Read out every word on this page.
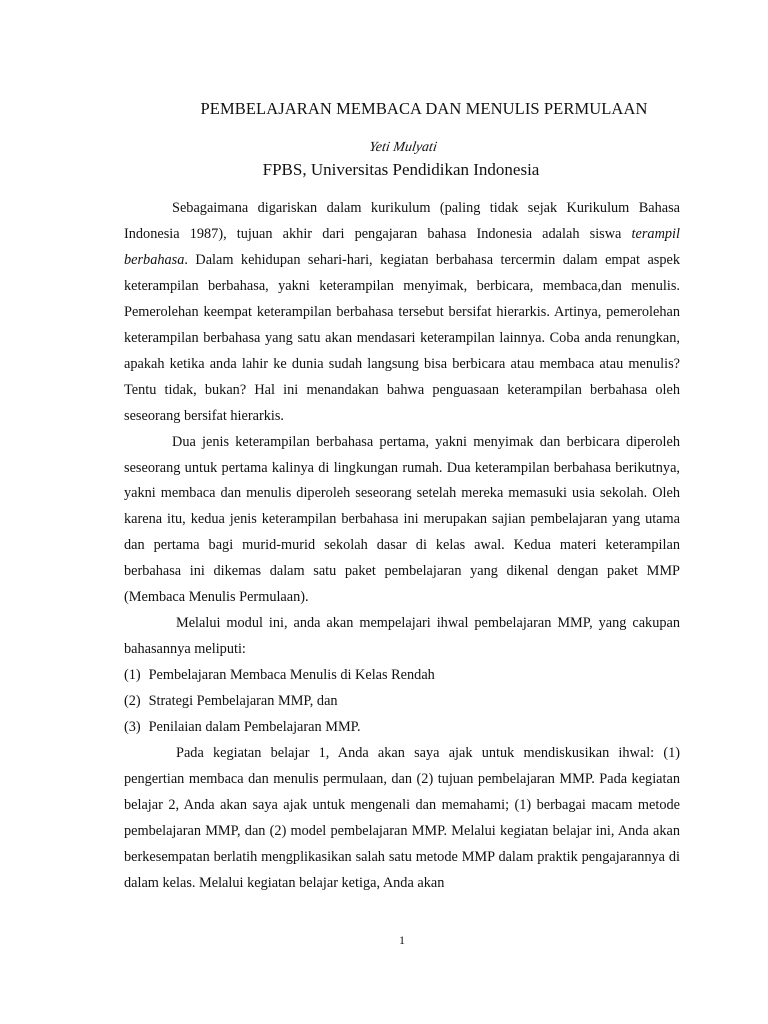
PEMBELAJARAN MEMBACA DAN MENULIS PERMULAAN
Yeti Mulyati
FPBS, Universitas Pendidikan Indonesia

Sebagaimana digariskan dalam kurikulum (paling tidak sejak Kurikulum Bahasa Indonesia 1987), tujuan akhir dari pengajaran bahasa Indonesia adalah siswa terampil berbahasa. Dalam kehidupan sehari-hari, kegiatan berbahasa tercermin dalam empat aspek keterampilan berbahasa, yakni keterampilan menyimak, berbicara, membaca,dan menulis. Pemerolehan keempat keterampilan berbahasa tersebut bersifat hierarkis. Artinya, pemerolehan keterampilan berbahasa yang satu akan mendasari keterampilan lainnya. Coba anda renungkan, apakah ketika anda lahir ke dunia sudah langsung bisa berbicara atau membaca atau menulis? Tentu tidak, bukan? Hal ini menandakan bahwa penguasaan keterampilan berbahasa oleh seseorang bersifat hierarkis.

Dua jenis keterampilan berbahasa pertama, yakni menyimak dan berbicara diperoleh seseorang untuk pertama kalinya di lingkungan rumah. Dua keterampilan berbahasa berikutnya, yakni membaca dan menulis diperoleh seseorang setelah mereka memasuki usia sekolah. Oleh karena itu, kedua jenis keterampilan berbahasa ini merupakan sajian pembelajaran yang utama dan pertama bagi murid-murid sekolah dasar di kelas awal. Kedua materi keterampilan berbahasa ini dikemas dalam satu paket pembelajaran yang dikenal dengan paket MMP (Membaca Menulis Permulaan).

Melalui modul ini, anda akan mempelajari ihwal pembelajaran MMP, yang cakupan bahasannya meliputi:

(1) Pembelajaran Membaca Menulis di Kelas Rendah

(2) Strategi Pembelajaran MMP, dan

(3) Penilaian dalam Pembelajaran MMP.

Pada kegiatan belajar 1, Anda akan saya ajak untuk mendiskusikan ihwal: (1) pengertian membaca dan menulis permulaan, dan (2) tujuan pembelajaran MMP. Pada kegiatan belajar 2, Anda akan saya ajak untuk mengenali dan memahami; (1) berbagai macam metode pembelajaran MMP, dan (2) model pembelajaran MMP. Melalui kegiatan belajar ini, Anda akan berkesempatan berlatih mengplikasikan salah satu metode MMP dalam praktik pengajarannya di dalam kelas. Melalui kegiatan belajar ketiga, Anda akan

1
